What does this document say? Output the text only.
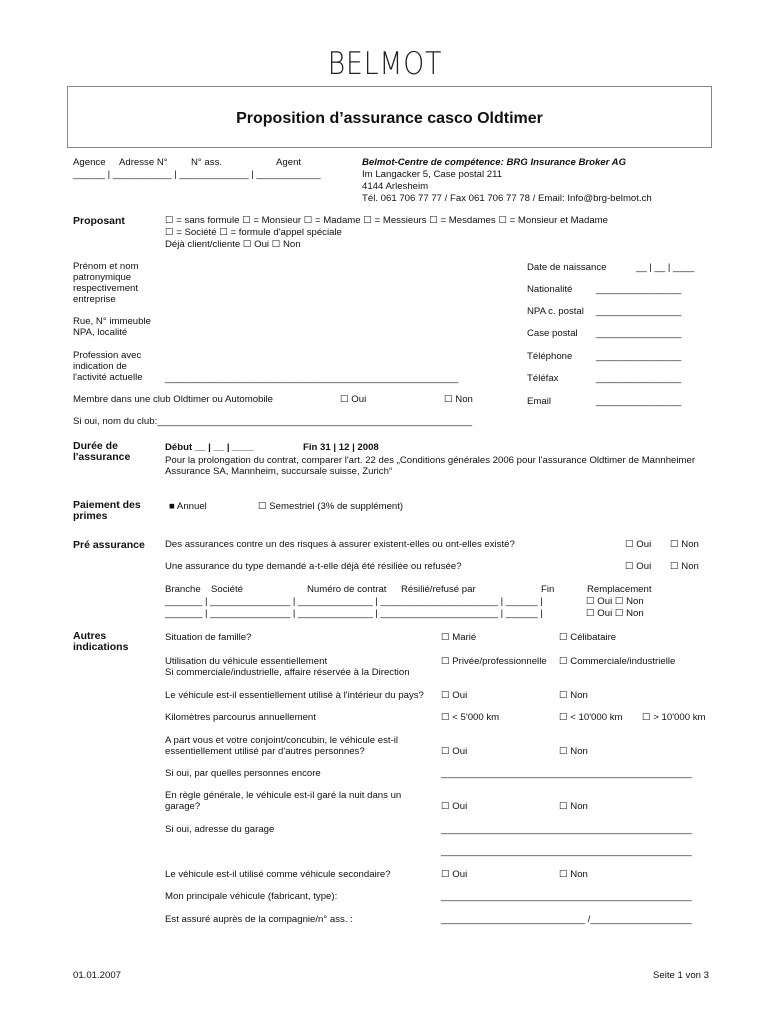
BELMOT
Proposition d’assurance casco Oldtimer
Agence Adresse N° N° ass.	Agent
______ | ___________ | _____________ | ____________
Belmot-Centre de compétence: BRG Insurance Broker AG
Im Langacker 5, Case postal 211
4144 Arlesheim
Tél. 061 706 77 77 / Fax 061 706 77 78 / Email: Info@brg-belmot.ch
Proposant	☐ = sans formule ☐ = Monsieur ☐ = Madame ☐ = Messieurs ☐ = Mesdames ☐ = Monsieur et Madame
☐ = Société ☐ = formule d'appel spéciale
Déjà client/cliente ☐ Oui ☐ Non
Prénom et nom patronymique respectivement entreprise
Rue, N° immeuble NPA, localité
Profession avec indication de l'activité actuelle	_______________________________________________________
Date de naissance	__ | __ | ____
Nationalité ________________
NPA c. postal ________________
Case postal ________________
Téléphone ________________
Téléfax	________________
Email	________________
Membre dans une club Oldtimer ou Automobile	☐ Oui	☐ Non
Si oui, nom du club:___________________________________________________________
Durée de l'assurance
Début __ | __ | ____	Fin 31 | 12 | 2008
Pour la prolongation du contrat, comparer l'art. 22 des „Conditions générales 2006 pour l'assurance Oldtimer de Mannheimer Assurance SA, Mannheim, succursale suisse, Zurich“
Paiement des primes
■ Annuel	☐ Semestriel (3% de supplément)
Pré assurance Des assurances contre un des risques à assurer existent-elles ou ont-elles existé?	☐ Oui ☐ Non
Une assurance du type demandé a-t-elle déjà été résiliée ou refusée?	☐ Oui ☐ Non
Branche Société	Numéro de contrat Résilié/refusé par	Fin	Remplacement
_______ | _______________ | ______________ | ______________________ | ______ |	☐ Oui ☐ Non
_______ | _______________ | ______________ | ______________________ | ______ |	☐ Oui ☐ Non
Autres indications
Situation de famille?	☐ Marié	☐ Célibataire
Utilisation du véhicule essentiellement
Si commerciale/industrielle, affaire réservée à la Direction
☐ Privée/professionnelle ☐ Commerciale/industrielle
Le véhicule est-il essentiellement utilisé à l'intérieur du pays? ☐ Oui	☐ Non
Kilomètres parcourus annuellement	☐ < 5'000 km	☐ < 10'000 km ☐ > 10'000 km
A part vous et votre conjoint/concubin, le véhicule est-il essentiellement utilisé par d'autres personnes?	☐ Oui	☐ Non
Si oui, par quelles personnes encore	_______________________________________________
En règle générale, le véhicule est-il garé la nuit dans un garage?	☐ Oui	☐ Non
Si oui, adresse du garage	_______________________________________________
_______________________________________________
Le véhicule est-il utilisé comme véhicule secondaire?	☐ Oui	☐ Non
Mon principale véhicule (fabricant, type):	_______________________________________________
Est assuré auprès de la compagnie/n° ass. :	___________________________ /___________________
01.01.2007	Seite 1 von 3
